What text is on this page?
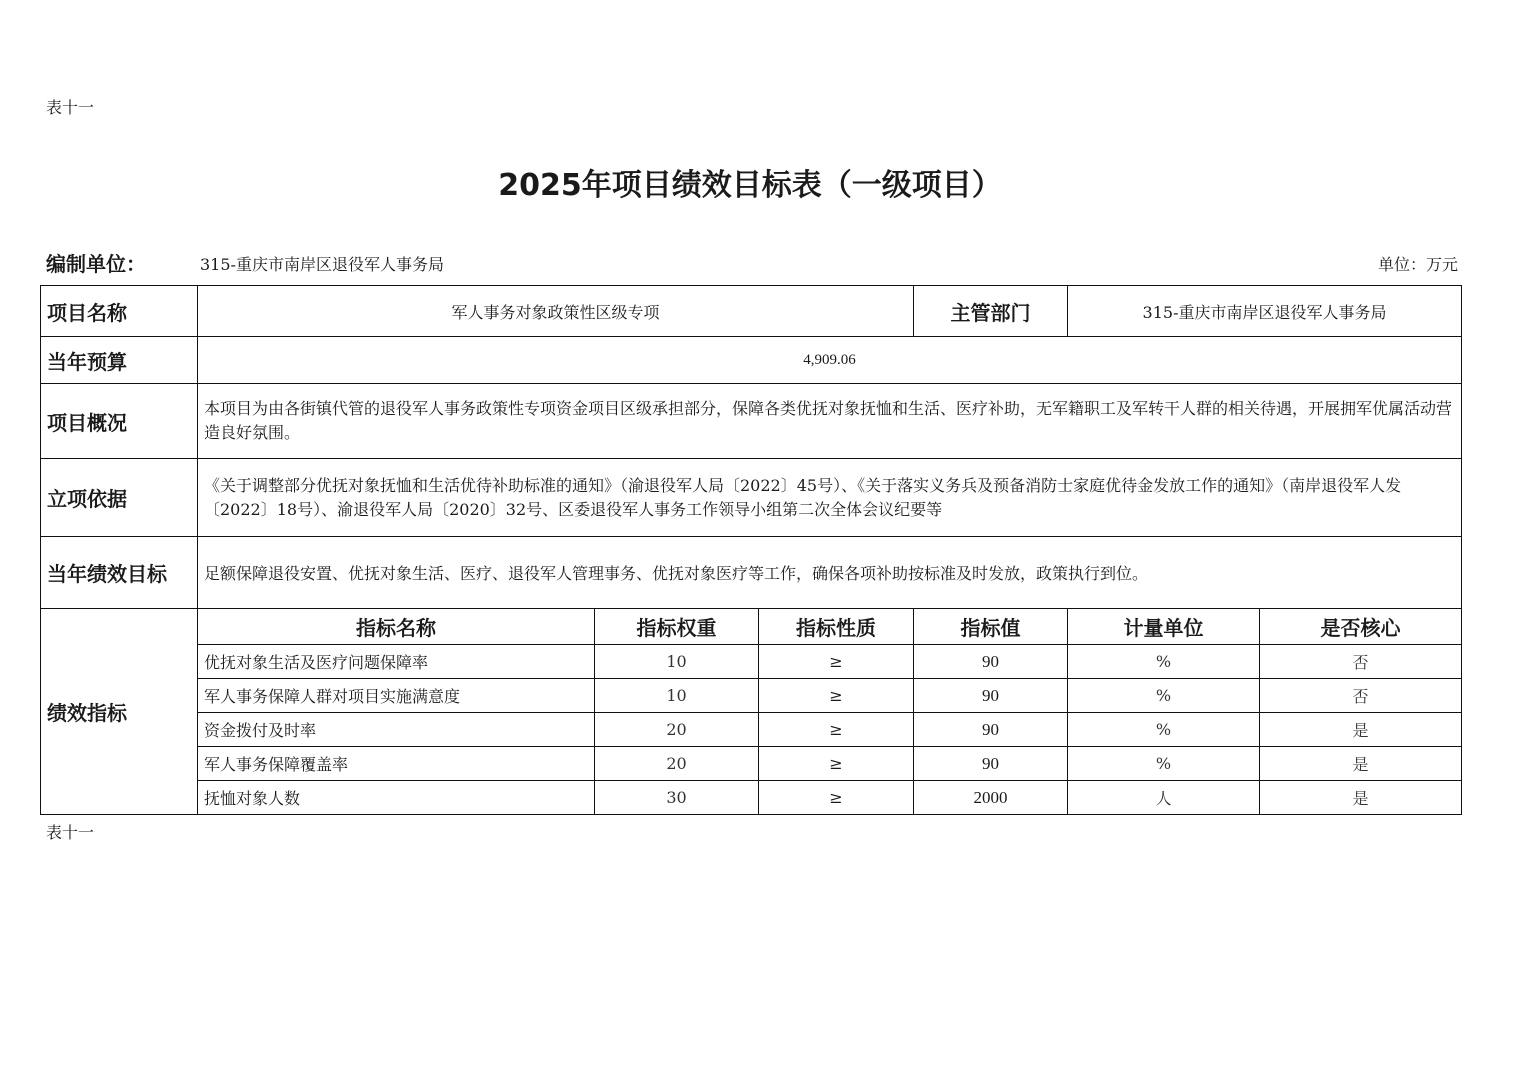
表十一
2025年项目绩效目标表（一级项目）
编制单位：	315-重庆市南岸区退役军人事务局	单位：万元
项目名称	军人事务对象政策性区级专项			主管部门	315-重庆市南岸区退役军人事务局	
当年预算	4,909.06					
项目概况	本项目为由各街镇代管的退役军人事务政策性专项资金项目区级承担部分，保障各类优抚对象抚恤和生活、医疗补助，无军籍职工及军转干人群的相关待遇，开展拥军优属活动营造良好氛围。					
立项依据	《关于调整部分优抚对象抚恤和生活优待补助标准的通知》（渝退役军人局〔2022〕45号）、《关于落实义务兵及预备消防士家庭优待金发放工作的通知》（南岸退役军人发〔2022〕18号）、渝退役军人局〔2020〕32号、区委退役军人事务工作领导小组第二次全体会议纪要等					
当年绩效目标	足额保障退役安置、优抚对象生活、医疗、退役军人管理事务、优抚对象医疗等工作，确保各项补助按标准及时发放，政策执行到位。					
绩效指标	指标名称	指标权重	指标性质	指标值	计量单位	是否核心
	优抚对象生活及医疗问题保障率	10	≥	90	%	否
	军人事务保障人群对项目实施满意度	10	≥	90	%	否
	资金拨付及时率	20	≥	90	%	是
	军人事务保障覆盖率	20	≥	90	%	是
	抚恤对象人数	30	≥	2000	人	是
表十一
